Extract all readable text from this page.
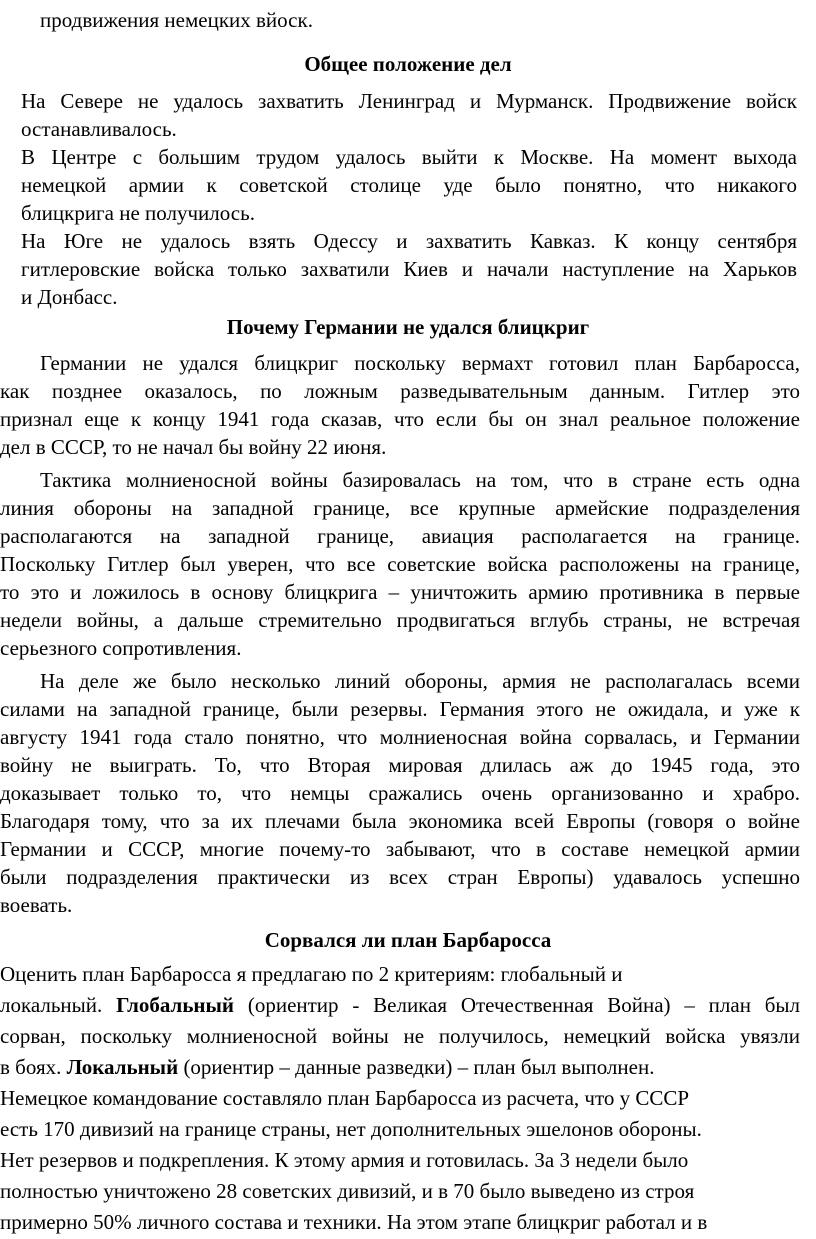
продвижения немецких вйоск.
Общее положение дел
На Севере не удалось захватить Ленинград и Мурманск. Продвижение войск
останавливалось.
В Центре с большим трудом удалось выйти к Москве. На момент выхода
немецкой армии к советской столице уде было понятно, что никакого
блицкрига не получилось.
На Юге не удалось взять Одессу и захватить Кавказ. К концу сентября
гитлеровские войска только захватили Киев и начали наступление на Харьков
и Донбасс.
Почему Германии не удался блицкриг
Германии не удался блицкриг поскольку вермахт готовил план Барбаросса,
как позднее оказалось, по ложным разведывательным данным. Гитлер это
признал еще к концу 1941 года сказав, что если бы он знал реальное положение
дел в СССР, то не начал бы войну 22 июня.
Тактика молниеносной войны базировалась на том, что в стране есть одна
линия обороны на западной границе, все крупные армейские подразделения
располагаются на западной границе, авиация располагается на границе.
Поскольку Гитлер был уверен, что все советские войска расположены на границе,
то это и ложилось в основу блицкрига – уничтожить армию противника в первые
недели войны, а дальше стремительно продвигаться вглубь страны, не встречая
серьезного сопротивления.
На деле же было несколько линий обороны, армия не располагалась всеми
силами на западной границе, были резервы. Германия этого не ожидала, и уже к
августу 1941 года стало понятно, что молниеносная война сорвалась, и Германии
войну не выиграть. То, что Вторая мировая длилась аж до 1945 года, это
доказывает только то, что немцы сражались очень организованно и храбро.
Благодаря тому, что за их плечами была экономика всей Европы (говоря о войне
Германии и СССР, многие почему-то забывают, что в составе немецкой армии
были подразделения практически из всех стран Европы) удавалось успешно
воевать.
Сорвался ли план Барбаросса
Оценить план Барбаросса я предлагаю по 2 критериям: глобальный и
локальный. Глобальный (ориентир - Великая Отечественная Война) – план был
сорван, поскольку молниеносной войны не получилось, немецкий войска увязли
в боях. Локальный (ориентир – данные разведки) – план был выполнен.
Немецкое командование составляло план Барбаросса из расчета, что у СССР
есть 170 дивизий на границе страны, нет дополнительных эшелонов обороны.
Нет резервов и подкрепления. К этому армия и готовилась. За 3 недели было
полностью уничтожено 28 советских дивизий, и в 70 было выведено из строя
примерно 50% личного состава и техники. На этом этапе блицкриг работал и в
